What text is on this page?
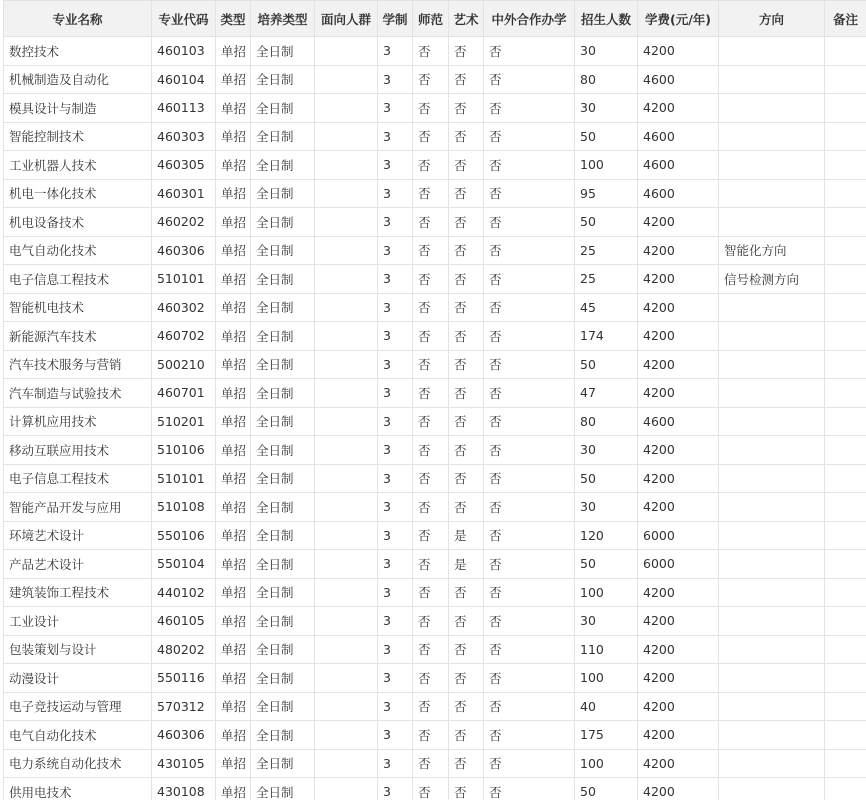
专业名称	专业代码	类型	培养类型	面向人群	学制	师范	艺术	中外合作办学	招生人数	学费(元/年)	方向	备注
数控技术	460103	单招	全日制		3	否	否	否	30	4200		
机械制造及自动化	460104	单招	全日制		3	否	否	否	80	4600		
模具设计与制造	460113	单招	全日制		3	否	否	否	30	4200		
智能控制技术	460303	单招	全日制		3	否	否	否	50	4600		
工业机器人技术	460305	单招	全日制		3	否	否	否	100	4600		
机电一体化技术	460301	单招	全日制		3	否	否	否	95	4600		
机电设备技术	460202	单招	全日制		3	否	否	否	50	4200		
电气自动化技术	460306	单招	全日制		3	否	否	否	25	4200	智能化方向	
电子信息工程技术	510101	单招	全日制		3	否	否	否	25	4200	信号检测方向	
智能机电技术	460302	单招	全日制		3	否	否	否	45	4200		
新能源汽车技术	460702	单招	全日制		3	否	否	否	174	4200		
汽车技术服务与营销	500210	单招	全日制		3	否	否	否	50	4200		
汽车制造与试验技术	460701	单招	全日制		3	否	否	否	47	4200		
计算机应用技术	510201	单招	全日制		3	否	否	否	80	4600		
移动互联应用技术	510106	单招	全日制		3	否	否	否	30	4200		
电子信息工程技术	510101	单招	全日制		3	否	否	否	50	4200		
智能产品开发与应用	510108	单招	全日制		3	否	否	否	30	4200		
环境艺术设计	550106	单招	全日制		3	否	是	否	120	6000		
产品艺术设计	550104	单招	全日制		3	否	是	否	50	6000		
建筑装饰工程技术	440102	单招	全日制		3	否	否	否	100	4200		
工业设计	460105	单招	全日制		3	否	否	否	30	4200		
包装策划与设计	480202	单招	全日制		3	否	否	否	110	4200		
动漫设计	550116	单招	全日制		3	否	否	否	100	4200		
电子竞技运动与管理	570312	单招	全日制		3	否	否	否	40	4200		
电气自动化技术	460306	单招	全日制		3	否	否	否	175	4200		
电力系统自动化技术	430105	单招	全日制		3	否	否	否	100	4200		
供用电技术	430108	单招	全日制		3	否	否	否	50	4200		
